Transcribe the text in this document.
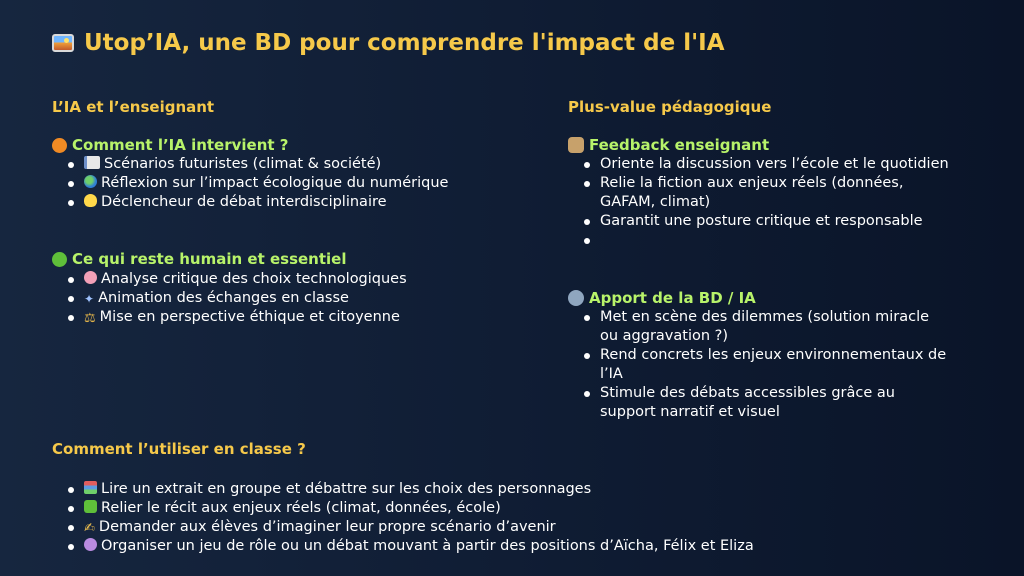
Utop’IA, une BD pour comprendre l'impact de l'IA
L’IA et l’enseignant
Comment l’IA intervient ?
Scénarios futuristes (climat & société)
Réflexion sur l’impact écologique du numérique
Déclencheur de débat interdisciplinaire
Ce qui reste humain et essentiel
Analyse critique des choix technologiques
✦ Animation des échanges en classe
⚖ Mise en perspective éthique et citoyenne
Plus-value pédagogique
Feedback enseignant
Oriente la discussion vers l’école et le quotidien
Relie la fiction aux enjeux réels (données, GAFAM, climat)
Garantit une posture critique et responsable
Apport de la BD / IA
Met en scène des dilemmes (solution miracle ou aggravation ?)
Rend concrets les enjeux environnementaux de l’IA
Stimule des débats accessibles grâce au support narratif et visuel
Comment l’utiliser en classe ?
Lire un extrait en groupe et débattre sur les choix des personnages
Relier le récit aux enjeux réels (climat, données, école)
✍ Demander aux élèves d’imaginer leur propre scénario d’avenir
Organiser un jeu de rôle ou un débat mouvant à partir des positions d’Aïcha, Félix et Eliza
